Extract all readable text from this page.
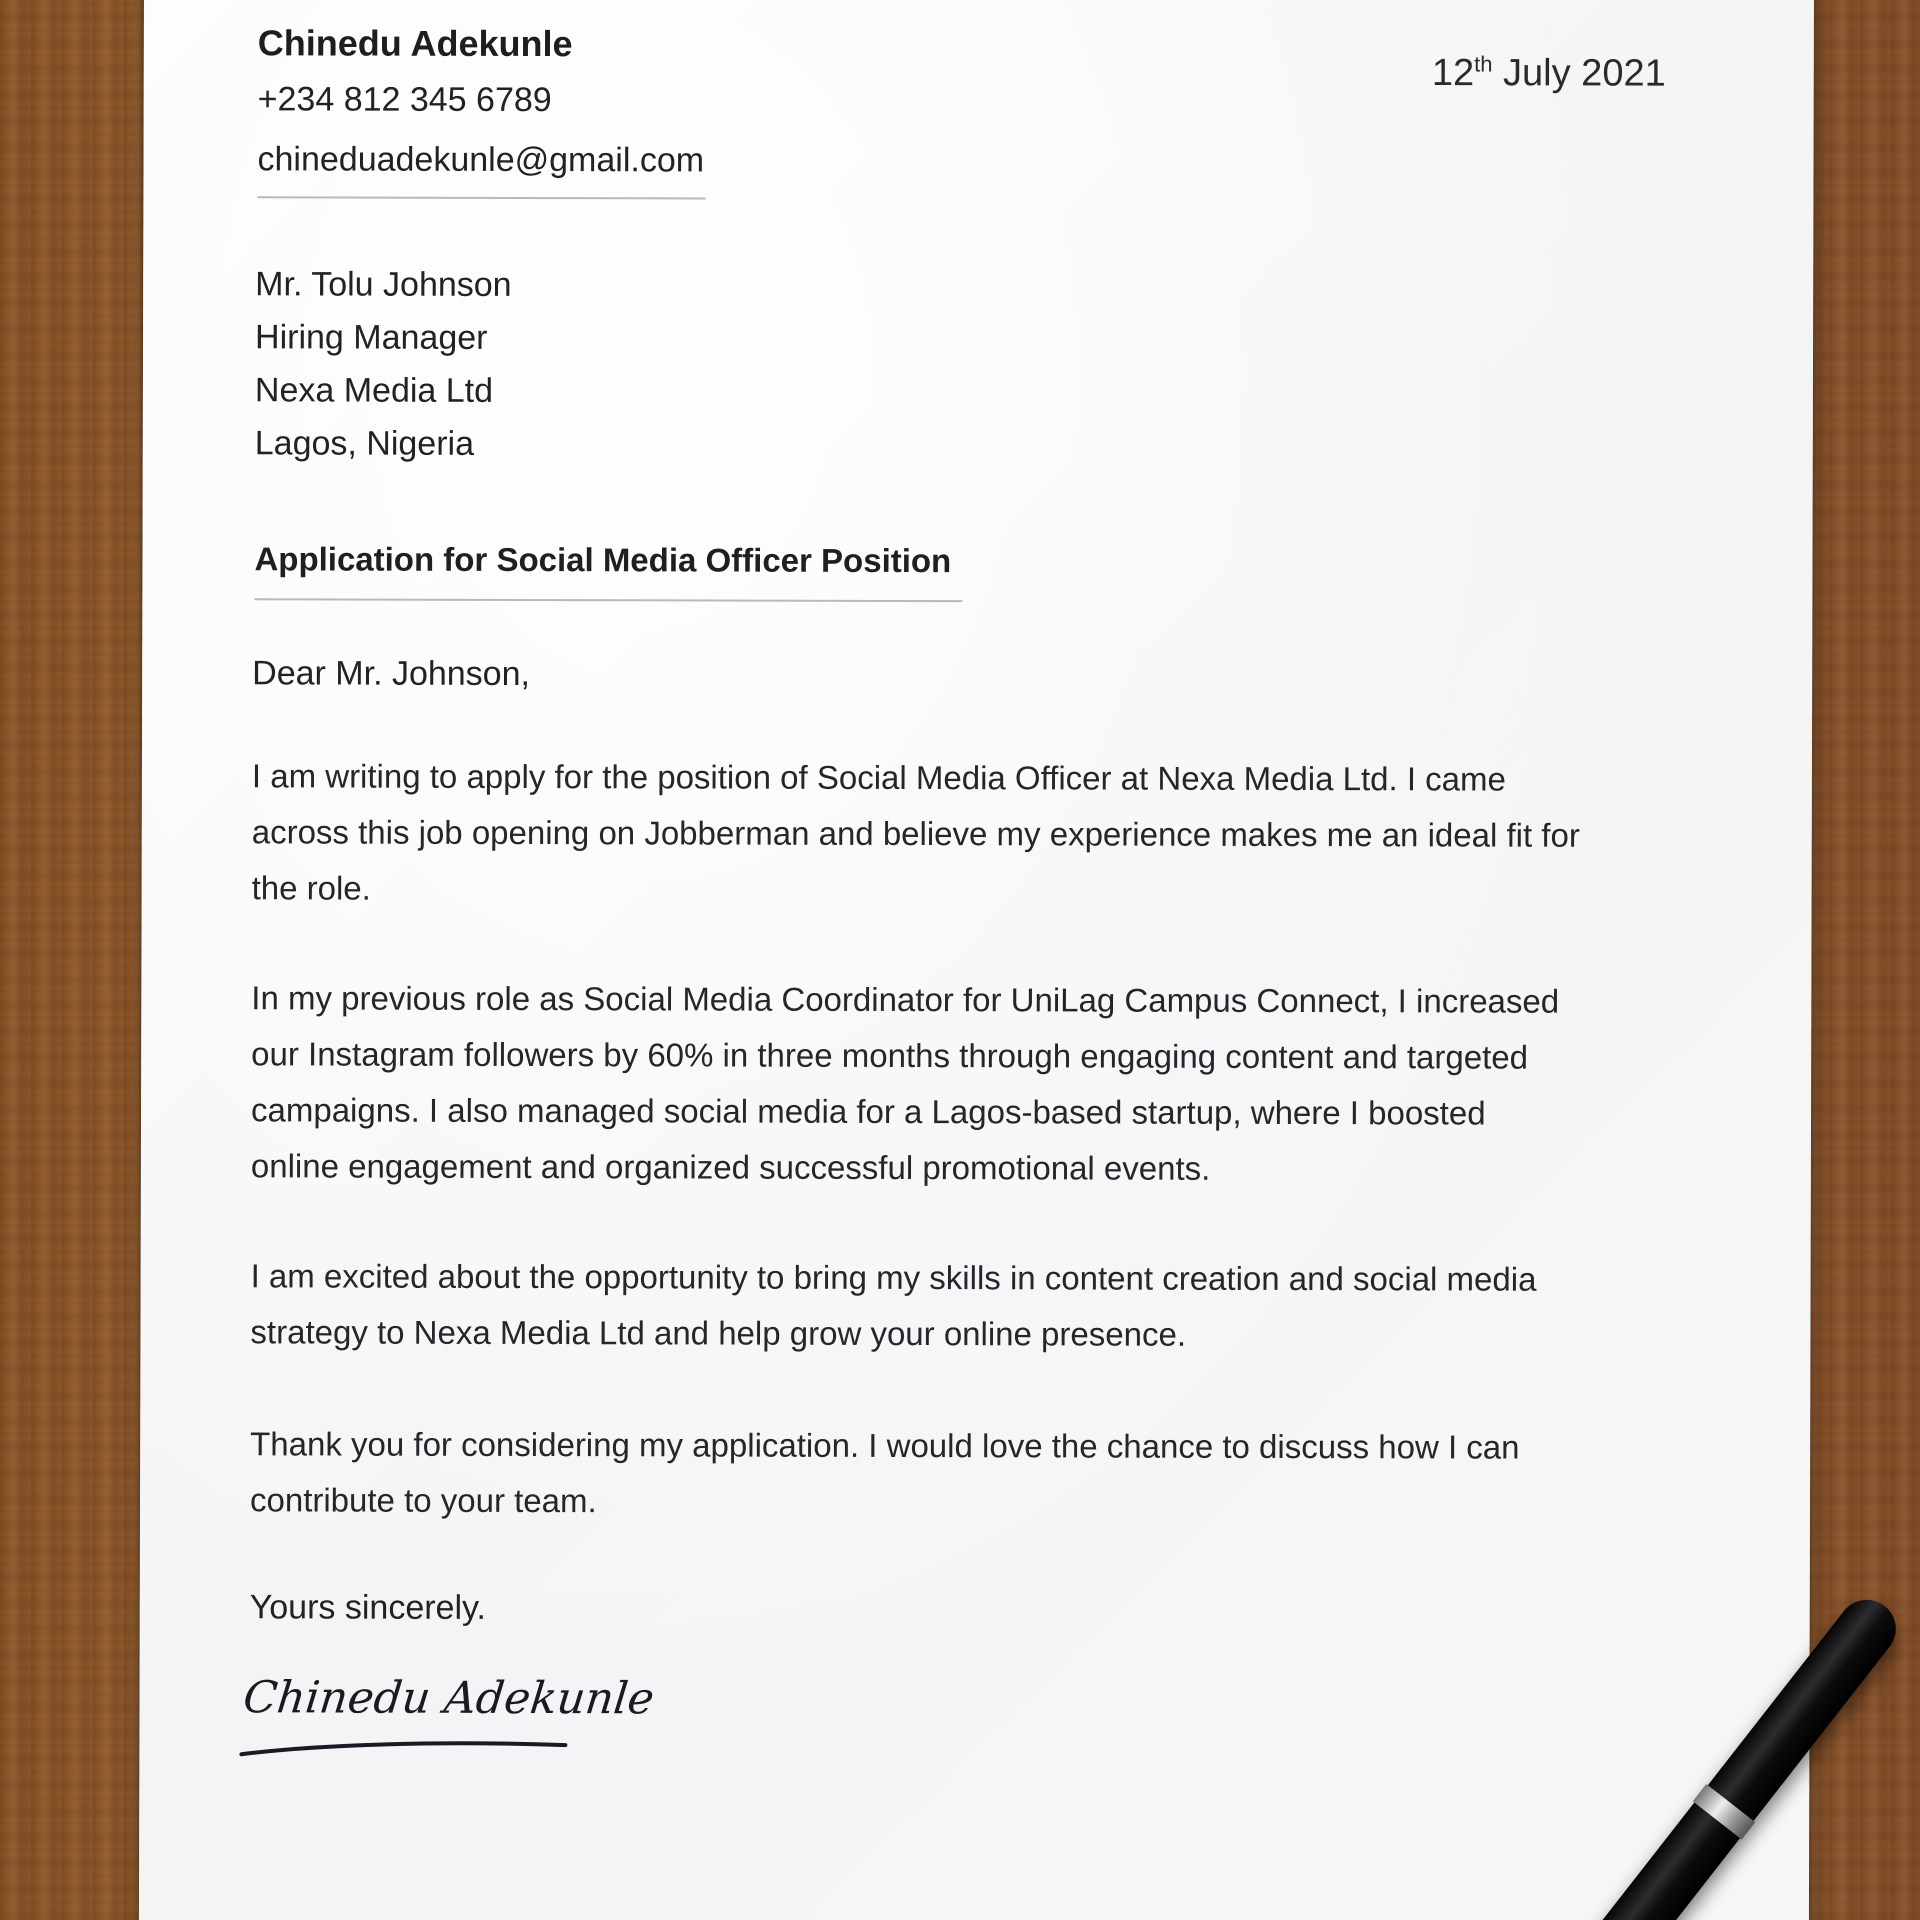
Chinedu Adekunle
+234 812 345 6789
chineduadekunle@gmail.com
12th July 2021
Mr. Tolu Johnson
Hiring Manager
Nexa Media Ltd
Lagos, Nigeria
Application for Social Media Officer Position
Dear Mr. Johnson,
I am writing to apply for the position of Social Media Officer at Nexa Media Ltd. I came across this job opening on Jobberman and believe my experience makes me an ideal fit for the role.
In my previous role as Social Media Coordinator for UniLag Campus Connect, I increased our Instagram followers by 60% in three months through engaging content and targeted campaigns. I also managed social media for a Lagos-based startup, where I boosted online engagement and organized successful promotional events.
I am excited about the opportunity to bring my skills in content creation and social media strategy to Nexa Media Ltd and help grow your online presence.
Thank you for considering my application. I would love the chance to discuss how I can contribute to your team.
Yours sincerely.
Chinedu Adekunle
